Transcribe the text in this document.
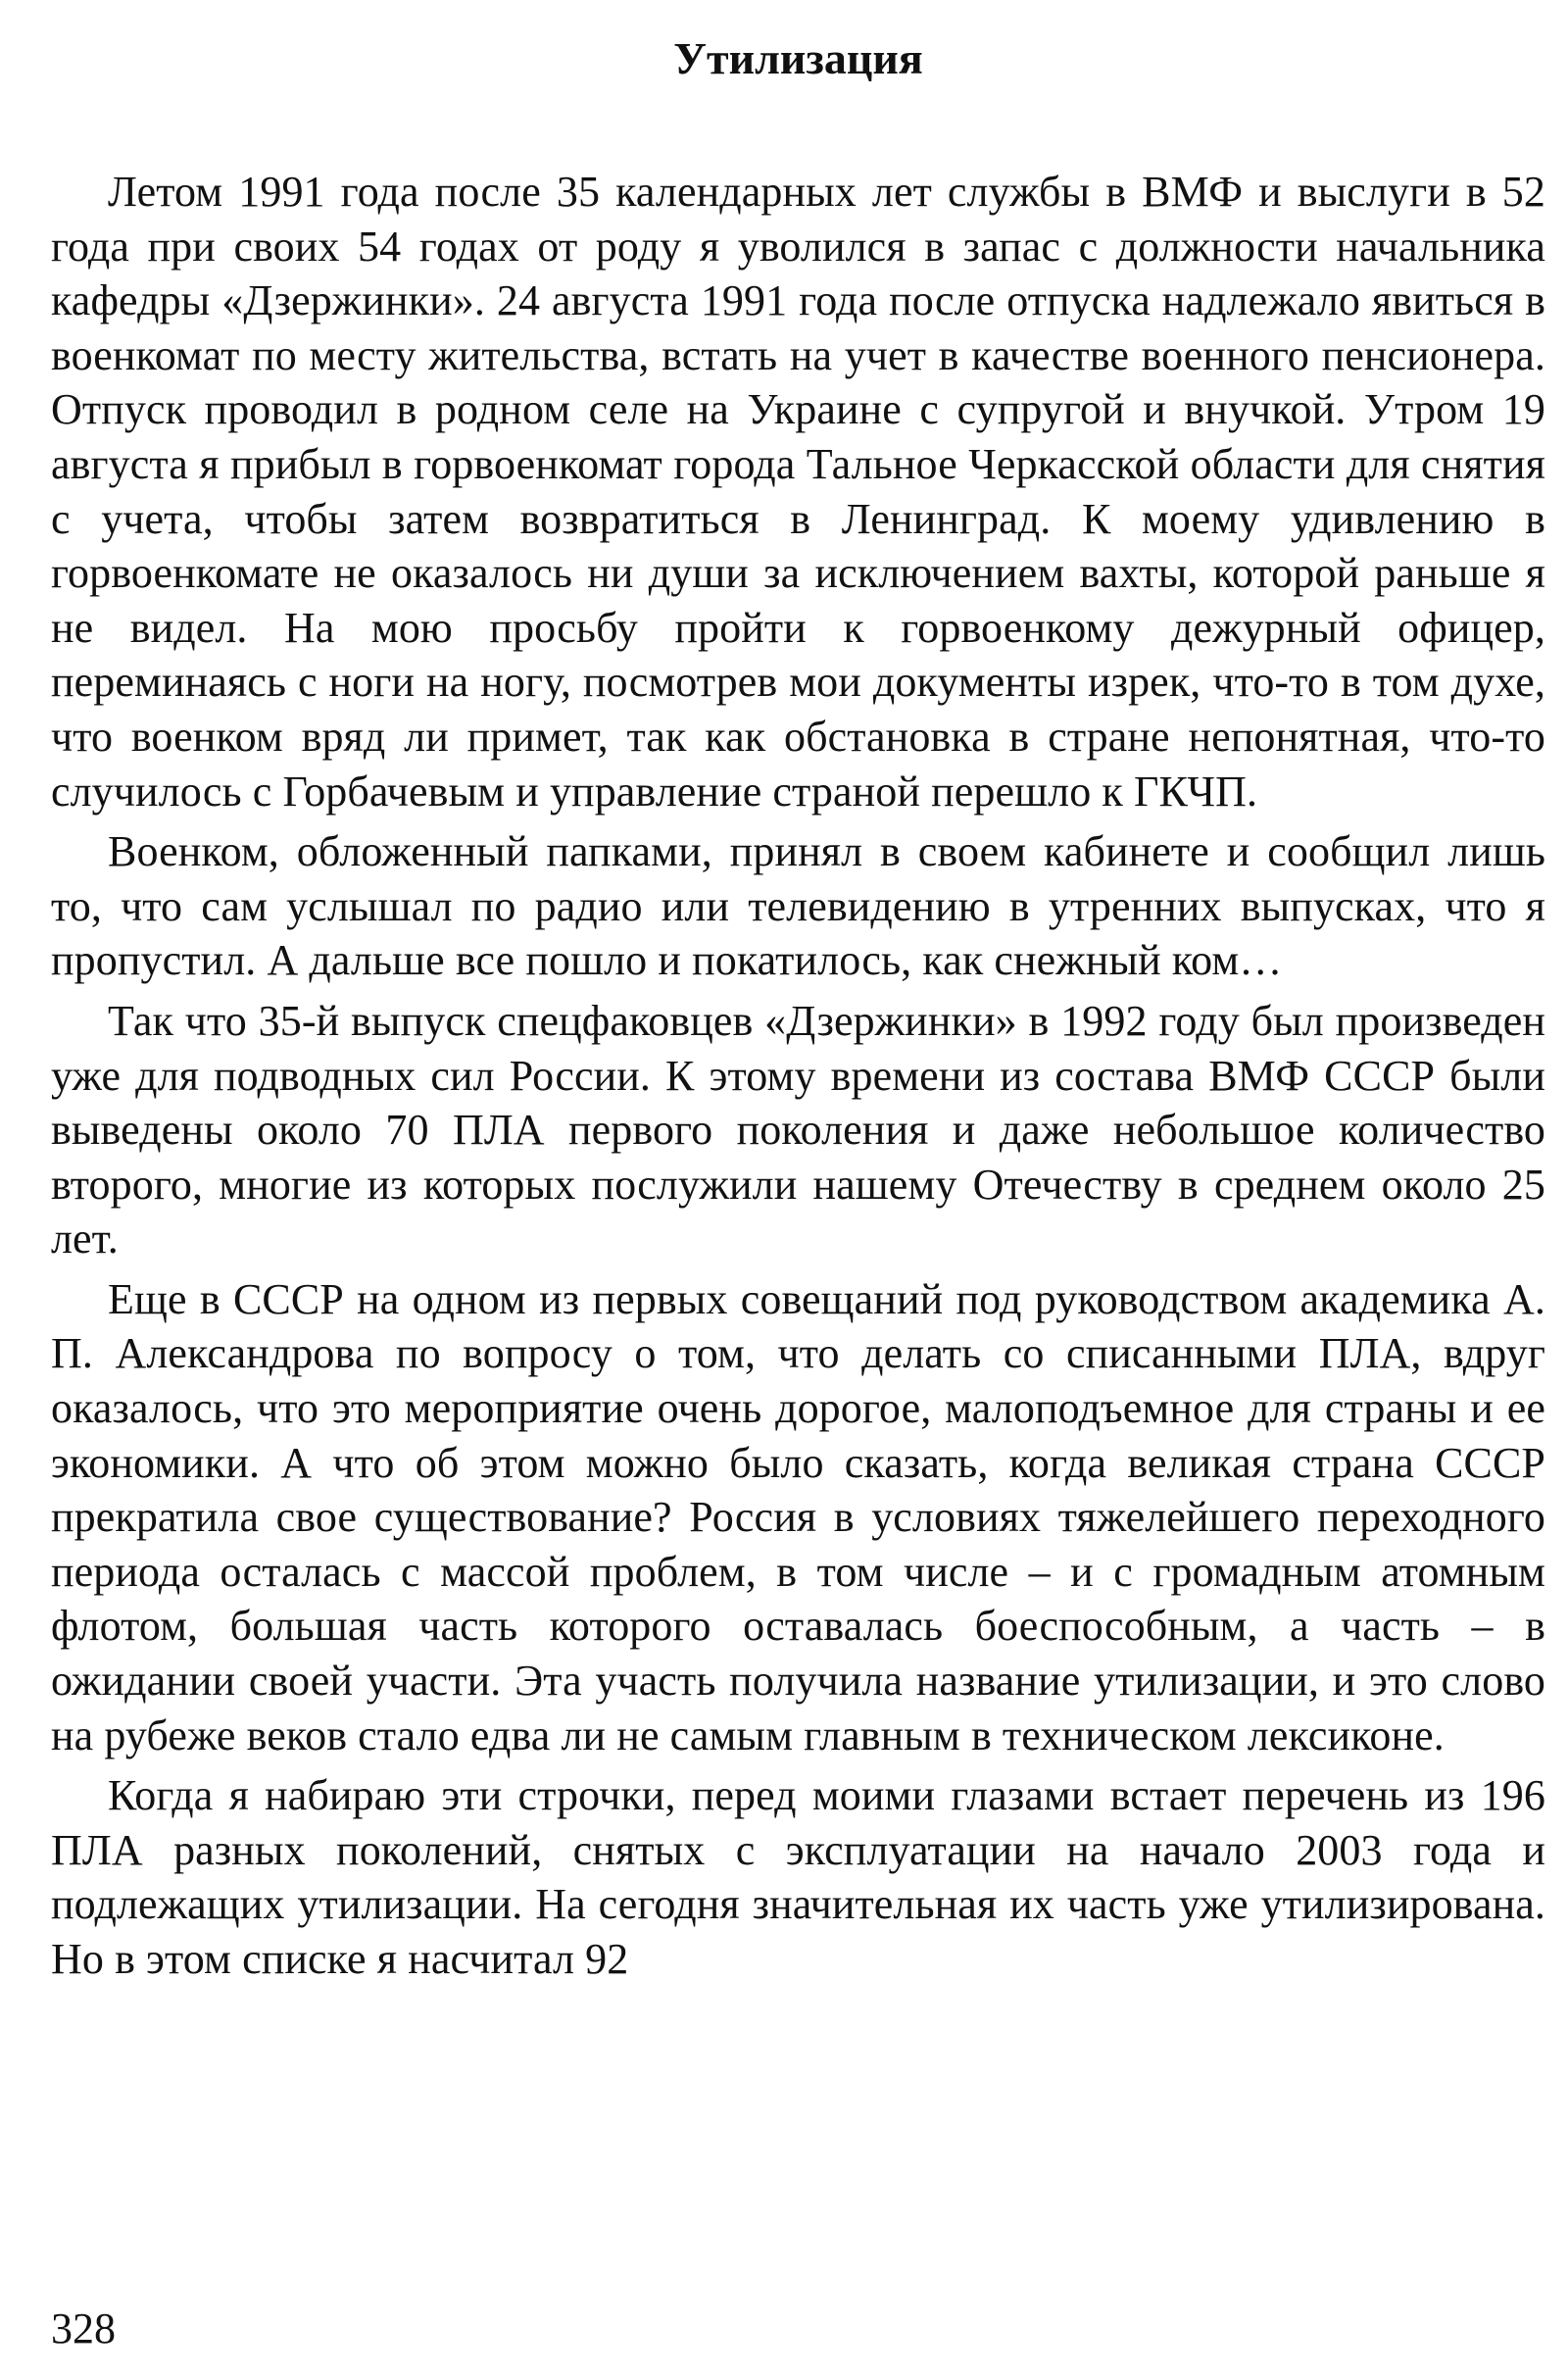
Утилизация

Летом 1991 года после 35 календарных лет службы в ВМФ и выслуги в 52 года при своих 54 годах от роду я уволился в запас с должности начальника кафедры «Дзержинки». 24 августа 1991 года после отпуска надлежало явиться в военкомат по месту жительства, встать на учет в качестве военного пенсионера. Отпуск проводил в родном селе на Украине с супругой и внучкой. Утром 19 августа я прибыл в горвоенкомат города Тальное Черкасской области для снятия с учета, чтобы затем возвратиться в Ленинград. К моему удивлению в горвоенкомате не оказалось ни души за исключением вахты, которой раньше я не видел. На мою просьбу пройти к горвоенкому дежурный офицер, переминаясь с ноги на ногу, посмотрев мои документы изрек, что-то в том духе, что военком вряд ли примет, так как обстановка в стране непонятная, что-то случилось с Горбачевым и управление страной перешло к ГКЧП.

Военком, обложенный папками, принял в своем кабинете и сообщил лишь то, что сам услышал по радио или телевидению в утренних выпусках, что я пропустил. А дальше все пошло и покатилось, как снежный ком…

Так что 35-й выпуск спецфаковцев «Дзержинки» в 1992 году был произведен уже для подводных сил России. К этому времени из состава ВМФ СССР были выведены около 70 ПЛА первого поколения и даже небольшое количество второго, многие из которых послужили нашему Отечеству в среднем около 25 лет.

Еще в СССР на одном из первых совещаний под руководством академика А. П. Александрова по вопросу о том, что делать со списанными ПЛА, вдруг оказалось, что это мероприятие очень дорогое, малоподъемное для страны и ее экономики. А что об этом можно было сказать, когда великая страна СССР прекратила свое существование? Россия в условиях тяжелейшего переходного периода осталась с массой проблем, в том числе – и с громадным атомным флотом, большая часть которого оставалась боеспособным, а часть – в ожидании своей участи. Эта участь получила название утилизации, и это слово на рубеже веков стало едва ли не самым главным в техническом лексиконе.

Когда я набираю эти строчки, перед моими глазами встает перечень из 196 ПЛА разных поколений, снятых с эксплуатации на начало 2003 года и подлежащих утилизации. На сегодня значительная их часть уже утилизирована. Но в этом списке я насчитал 92

328
